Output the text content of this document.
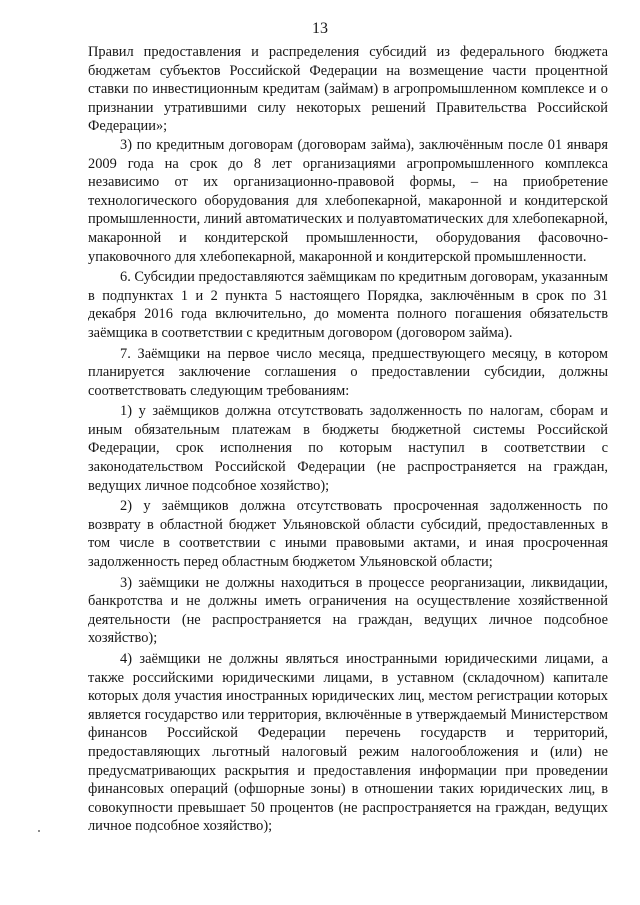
13

Правил предоставления и распределения субсидий из федерального бюджета бюджетам субъектов Российской Федерации на возмещение части процентной ставки по инвестиционным кредитам (займам) в агропромышленном комплексе и о признании утратившими силу некоторых решений Правительства Российской Федерации»;

3) по кредитным договорам (договорам займа), заключённым после 01 января 2009 года на срок до 8 лет организациями агропромышленного комплекса независимо от их организационно-правовой формы, – на приобретение технологического оборудования для хлебопекарной, макаронной и кондитерской промышленности, линий автоматических и полуавтоматических для хлебопекарной, макаронной и кондитерской промышленности, оборудования фасовочно-упаковочного для хлебопекарной, макаронной и кондитерской промышленности.

6. Субсидии предоставляются заёмщикам по кредитным договорам, указанным в подпунктах 1 и 2 пункта 5 настоящего Порядка, заключённым в срок по 31 декабря 2016 года включительно, до момента полного погашения обязательств заёмщика в соответствии с кредитным договором (договором займа).

7. Заёмщики на первое число месяца, предшествующего месяцу, в котором планируется заключение соглашения о предоставлении субсидии, должны соответствовать следующим требованиям:

1) у заёмщиков должна отсутствовать задолженность по налогам, сборам и иным обязательным платежам в бюджеты бюджетной системы Российской Федерации, срок исполнения по которым наступил в соответствии с законодательством Российской Федерации (не распространяется на граждан, ведущих личное подсобное хозяйство);

2) у заёмщиков должна отсутствовать просроченная задолженность по возврату в областной бюджет Ульяновской области субсидий, предоставленных в том числе в соответствии с иными правовыми актами, и иная просроченная задолженность перед областным бюджетом Ульяновской области;

3) заёмщики не должны находиться в процессе реорганизации, ликвидации, банкротства и не должны иметь ограничения на осуществление хозяйственной деятельности (не распространяется на граждан, ведущих личное подсобное хозяйство);

4) заёмщики не должны являться иностранными юридическими лицами, а также российскими юридическими лицами, в уставном (складочном) капитале которых доля участия иностранных юридических лиц, местом регистрации которых является государство или территория, включённые в утверждаемый Министерством финансов Российской Федерации перечень государств и территорий, предоставляющих льготный налоговый режим налогообложения и (или) не предусматривающих раскрытия и предоставления информации при проведении финансовых операций (офшорные зоны) в отношении таких юридических лиц, в совокупности превышает 50 процентов (не распространяется на граждан, ведущих личное подсобное хозяйство);
